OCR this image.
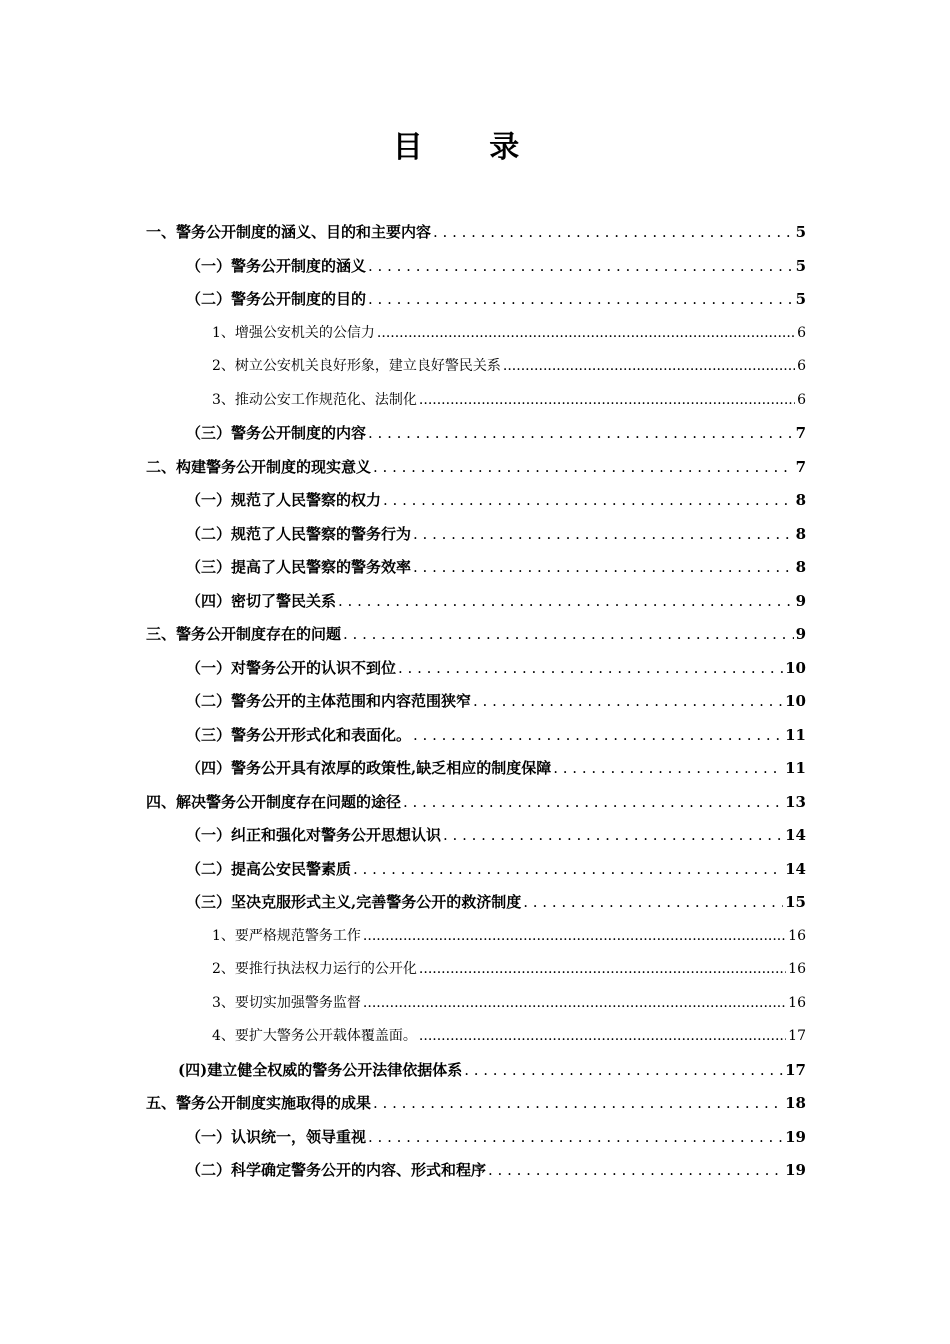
目 录
一、警务公开制度的涵义、目的和主要内容 . . .	5
（一）警务公开制度的涵义 . . .	5
（二）警务公开制度的目的 . . .	5
1、增强公安机关的公信力 .....	6
2、树立公安机关良好形象，建立良好警民关系 .....	6
3、推动公安工作规范化、法制化 .....	6
（三）警务公开制度的内容 . . .	7
二、构建警务公开制度的现实意义 . . .	7
（一）规范了人民警察的权力 . . .	8
（二）规范了人民警察的警务行为 . . .	8
（三）提高了人民警察的警务效率 . . .	8
（四）密切了警民关系 . . .	9
三、警务公开制度存在的问题 . . .	9
（一）对警务公开的认识不到位 . . .	10
（二）警务公开的主体范围和内容范围狭窄 . . .	10
（三）警务公开形式化和表面化。 . . .	11
（四）警务公开具有浓厚的政策性,缺乏相应的制度保障 . . .	11
四、解决警务公开制度存在问题的途径 . . .	13
（一）纠正和强化对警务公开思想认识 . . .	14
（二）提高公安民警素质 . . .	14
（三）坚决克服形式主义,完善警务公开的救济制度 . . .	15
1、要严格规范警务工作 .....	16
2、要推行执法权力运行的公开化 .....	16
3、要切实加强警务监督 .....	16
4、要扩大警务公开载体覆盖面。 .....	17
(四)建立健全权威的警务公开法律依据体系 . . .	17
五、警务公开制度实施取得的成果 . . .	18
（一）认识统一，领导重视 . . .	19
（二）科学确定警务公开的内容、形式和程序 . . .	19
